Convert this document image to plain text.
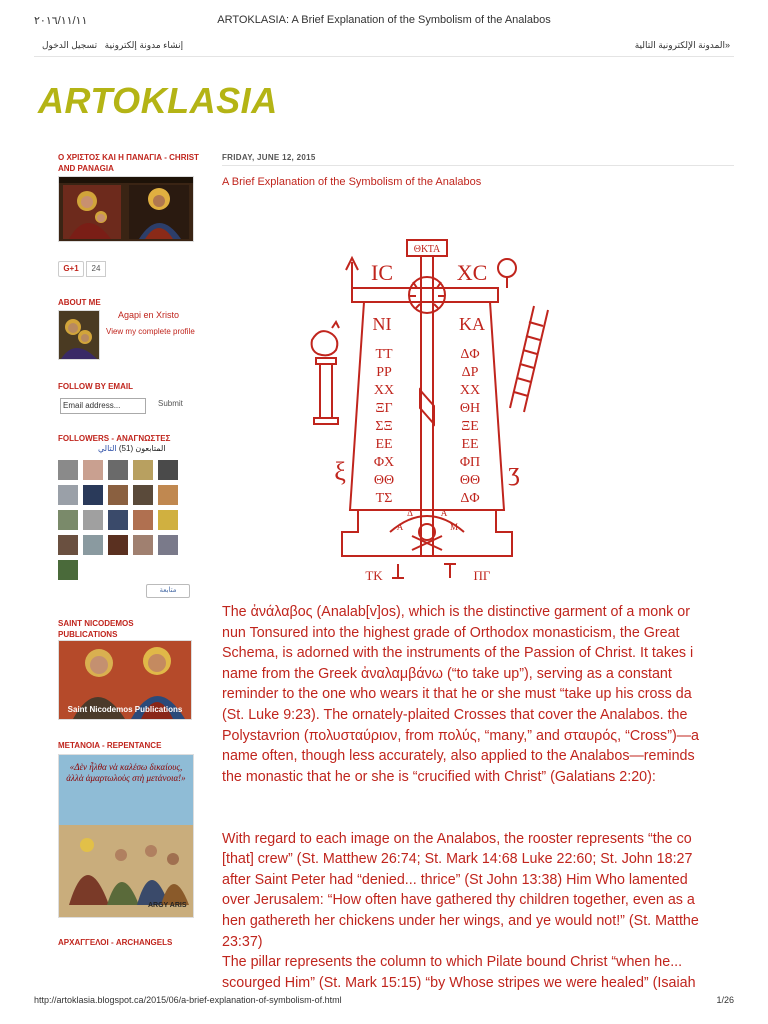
٢٠١٦/١١/١١	ARTOKLASIA: A Brief Explanation of the Symbolism of the Analabos
إنشاء مدونة إلكترونية تسجيل الدخول	المدونة الإلكترونية التالية»
ARTOKLASIA
Ο ΧΡΙΣΤΟΣ ΚΑΙ Η ΠΑΝΑΓΙΑ - CHRIST AND PANAGIA
G+1	24
ABOUT ME
Agapi en Xristo
View my complete profile
FOLLOW BY EMAIL
Email address...	Submit
FOLLOWERS - ΑΝΑΓΝΩΣΤΕΣ
المتابعون (51) التالي
متابعة
SAINT NICODEMOS PUBLICATIONS
Saint Nicodemos Publications
METANOIA - REPENTANCE
«Δὲν ἦλθα νὰ καλέσω δικαίους, ἀλλὰ ἁμαρτωλοὺς στὴ μετάνοια!»
ARGY ARIS
ΑΡΧΑΓΓΕΛΟΙ - ARCHANGELS
FRIDAY, JUNE 12, 2015
A Brief Explanation of the Symbolism of the Analabos
ΘΚΤΑ
IC	XC
NI	KA
ΤΤ
ΡΡ
ΧΧ
ΞΓ
ΣΞ
ΕΕ
ΦΧ
ΘΘ
ΤΣ
ΔΦ
ΔΡ
ΧΧ
ΘΗ
ΞΕ
ΕΕ
ΦΠ
ΘΘ
ΔΦ
Α
Δ	Α
Μ
ΤΚ	ΠΓ
ξ	ʒ

The ἀνάλαβος (Analab[v]os), which is the distinctive garment of a monk or

nun Tonsured into the highest grade of Orthodox monasticism, the Great

Schema, is adorned with the instruments of the Passion of Christ. It takes i

name from the Greek ἀναλαμβάνω (“to take up”), serving as a constant

reminder to the one who wears it that he or she must “take up his cross da

(St. Luke 9:23). The ornately-plaited Crosses that cover the Analabos. the

Polystavrion (πολυσταύριον, from πολύς, “many,” and σταυρός, “Cross”)—a

name often, though less accurately, also applied to the Analabos—reminds

the monastic that he or she is “crucified with Christ” (Galatians 2:20):

With regard to each image on the Analabos, the rooster represents “the co

[that] crew” (St. Matthew 26:74; St. Mark 14:68 Luke 22:60; St. John 18:27

after Saint Peter had “denied... thrice” (St John 13:38) Him Who lamented

over Jerusalem: “How often have gathered thy children together, even as a

hen gathereth her chickens under her wings, and ye would not!” (St. Matthe

23:37)

The pillar represents the column to which Pilate bound Christ “when he...

scourged Him” (St. Mark 15:15) “by Whose stripes we were healed” (Isaiah

http://artoklasia.blogspot.ca/2015/06/a-brief-explanation-of-symbolism-of.html	1/26
